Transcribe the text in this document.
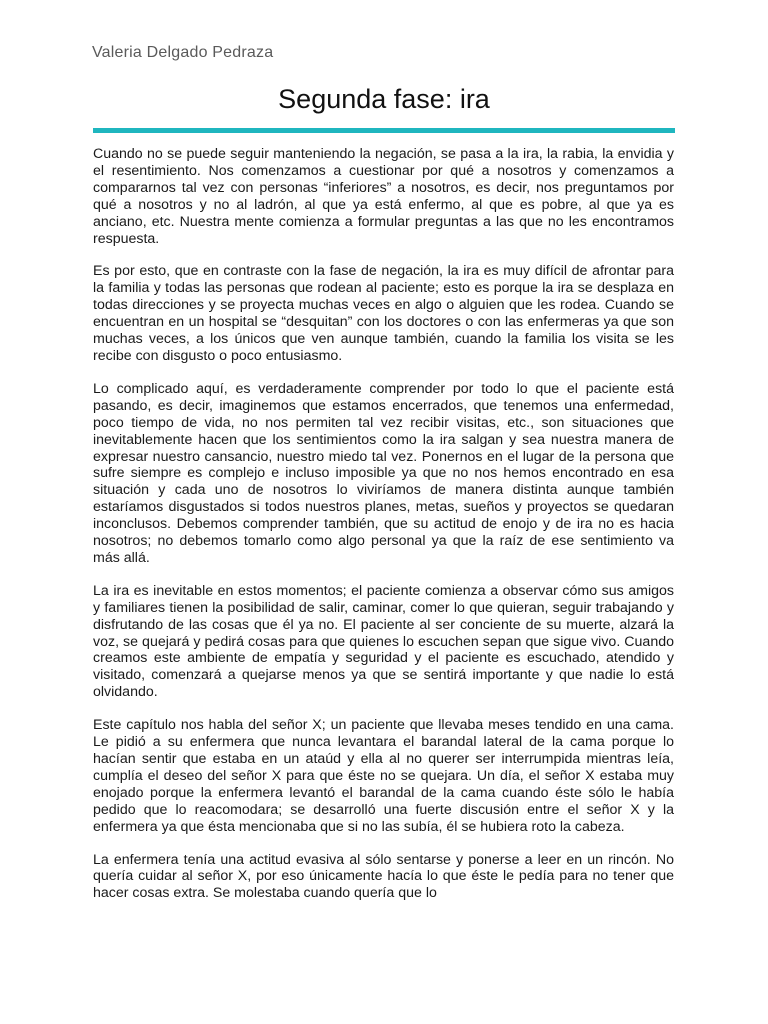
Valeria Delgado Pedraza
Segunda fase: ira

Cuando no se puede seguir manteniendo la negación, se pasa a la ira, la rabia, la envidia y el resentimiento. Nos comenzamos a cuestionar por qué a nosotros y comenzamos a compararnos tal vez con personas “inferiores” a nosotros, es decir, nos preguntamos por qué a nosotros y no al ladrón, al que ya está enfermo, al que es pobre, al que ya es anciano, etc. Nuestra mente comienza a formular preguntas a las que no les encontramos respuesta.

Es por esto, que en contraste con la fase de negación, la ira es muy difícil de afrontar para la familia y todas las personas que rodean al paciente; esto es porque la ira se desplaza en todas direcciones y se proyecta muchas veces en algo o alguien que les rodea. Cuando se encuentran en un hospital se “desquitan” con los doctores o con las enfermeras ya que son muchas veces, a los únicos que ven aunque también, cuando la familia los visita se les recibe con disgusto o poco entusiasmo.

Lo complicado aquí, es verdaderamente comprender por todo lo que el paciente está pasando, es decir, imaginemos que estamos encerrados, que tenemos una enfermedad, poco tiempo de vida, no nos permiten tal vez recibir visitas, etc., son situaciones que inevitablemente hacen que los sentimientos como la ira salgan y sea nuestra manera de expresar nuestro cansancio, nuestro miedo tal vez. Ponernos en el lugar de la persona que sufre siempre es complejo e incluso imposible ya que no nos hemos encontrado en esa situación y cada uno de nosotros lo viviríamos de manera distinta aunque también estaríamos disgustados si todos nuestros planes, metas, sueños y proyectos se quedaran inconclusos. Debemos comprender también, que su actitud de enojo y de ira no es hacia nosotros; no debemos tomarlo como algo personal ya que la raíz de ese sentimiento va más allá.

La ira es inevitable en estos momentos; el paciente comienza a observar cómo sus amigos y familiares tienen la posibilidad de salir, caminar, comer lo que quieran, seguir trabajando y disfrutando de las cosas que él ya no. El paciente al ser conciente de su muerte, alzará la voz, se quejará y pedirá cosas para que quienes lo escuchen sepan que sigue vivo. Cuando creamos este ambiente de empatía y seguridad y el paciente es escuchado, atendido y visitado, comenzará a quejarse menos ya que se sentirá importante y que nadie lo está olvidando.

Este capítulo nos habla del señor X; un paciente que llevaba meses tendido en una cama. Le pidió a su enfermera que nunca levantara el barandal lateral de la cama porque lo hacían sentir que estaba en un ataúd y ella al no querer ser interrumpida mientras leía, cumplía el deseo del señor X para que éste no se quejara. Un día, el señor X estaba muy enojado porque la enfermera levantó el barandal de la cama cuando éste sólo le había pedido que lo reacomodara; se desarrolló una fuerte discusión entre el señor X y la enfermera ya que ésta mencionaba que si no las subía, él se hubiera roto la cabeza.

La enfermera tenía una actitud evasiva al sólo sentarse y ponerse a leer en un rincón. No quería cuidar al señor X, por eso únicamente hacía lo que éste le pedía para no tener que hacer cosas extra. Se molestaba cuando quería que lo
